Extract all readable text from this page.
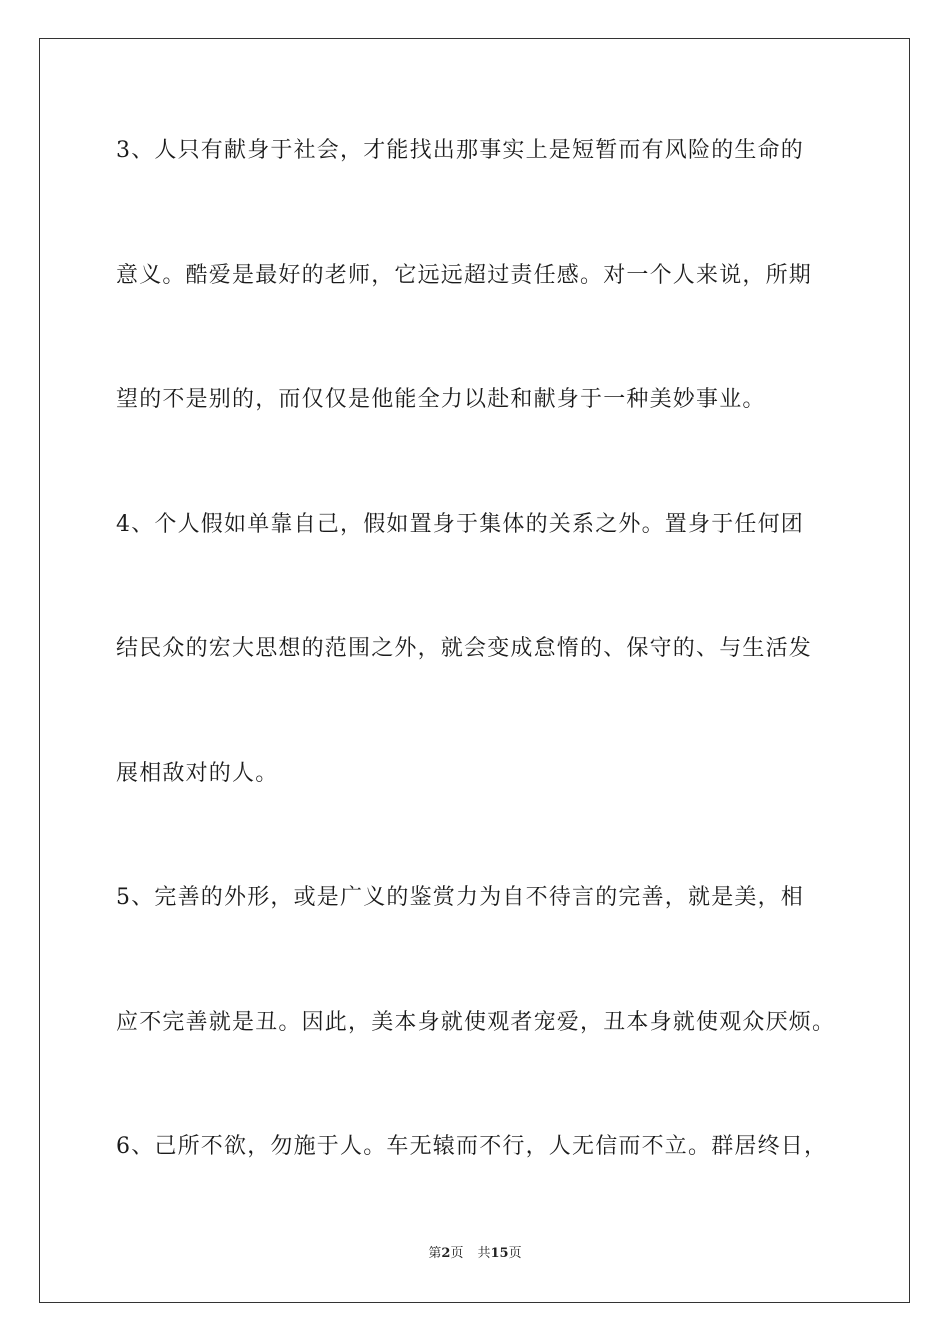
3、人只有献身于社会，才能找出那事实上是短暂而有风险的生命的
意义。酷爱是最好的老师，它远远超过责任感。对一个人来说，所期
望的不是别的，而仅仅是他能全力以赴和献身于一种美妙事业。
4、个人假如单靠自己，假如置身于集体的关系之外。置身于任何团
结民众的宏大思想的范围之外，就会变成怠惰的、保守的、与生活发
展相敌对的人。
5、完善的外形，或是广义的鉴赏力为自不待言的完善，就是美，相
应不完善就是丑。因此，美本身就使观者宠爱，丑本身就使观众厌烦。
6、己所不欲，勿施于人。车无辕而不行，人无信而不立。群居终日，
第2页 共15页
